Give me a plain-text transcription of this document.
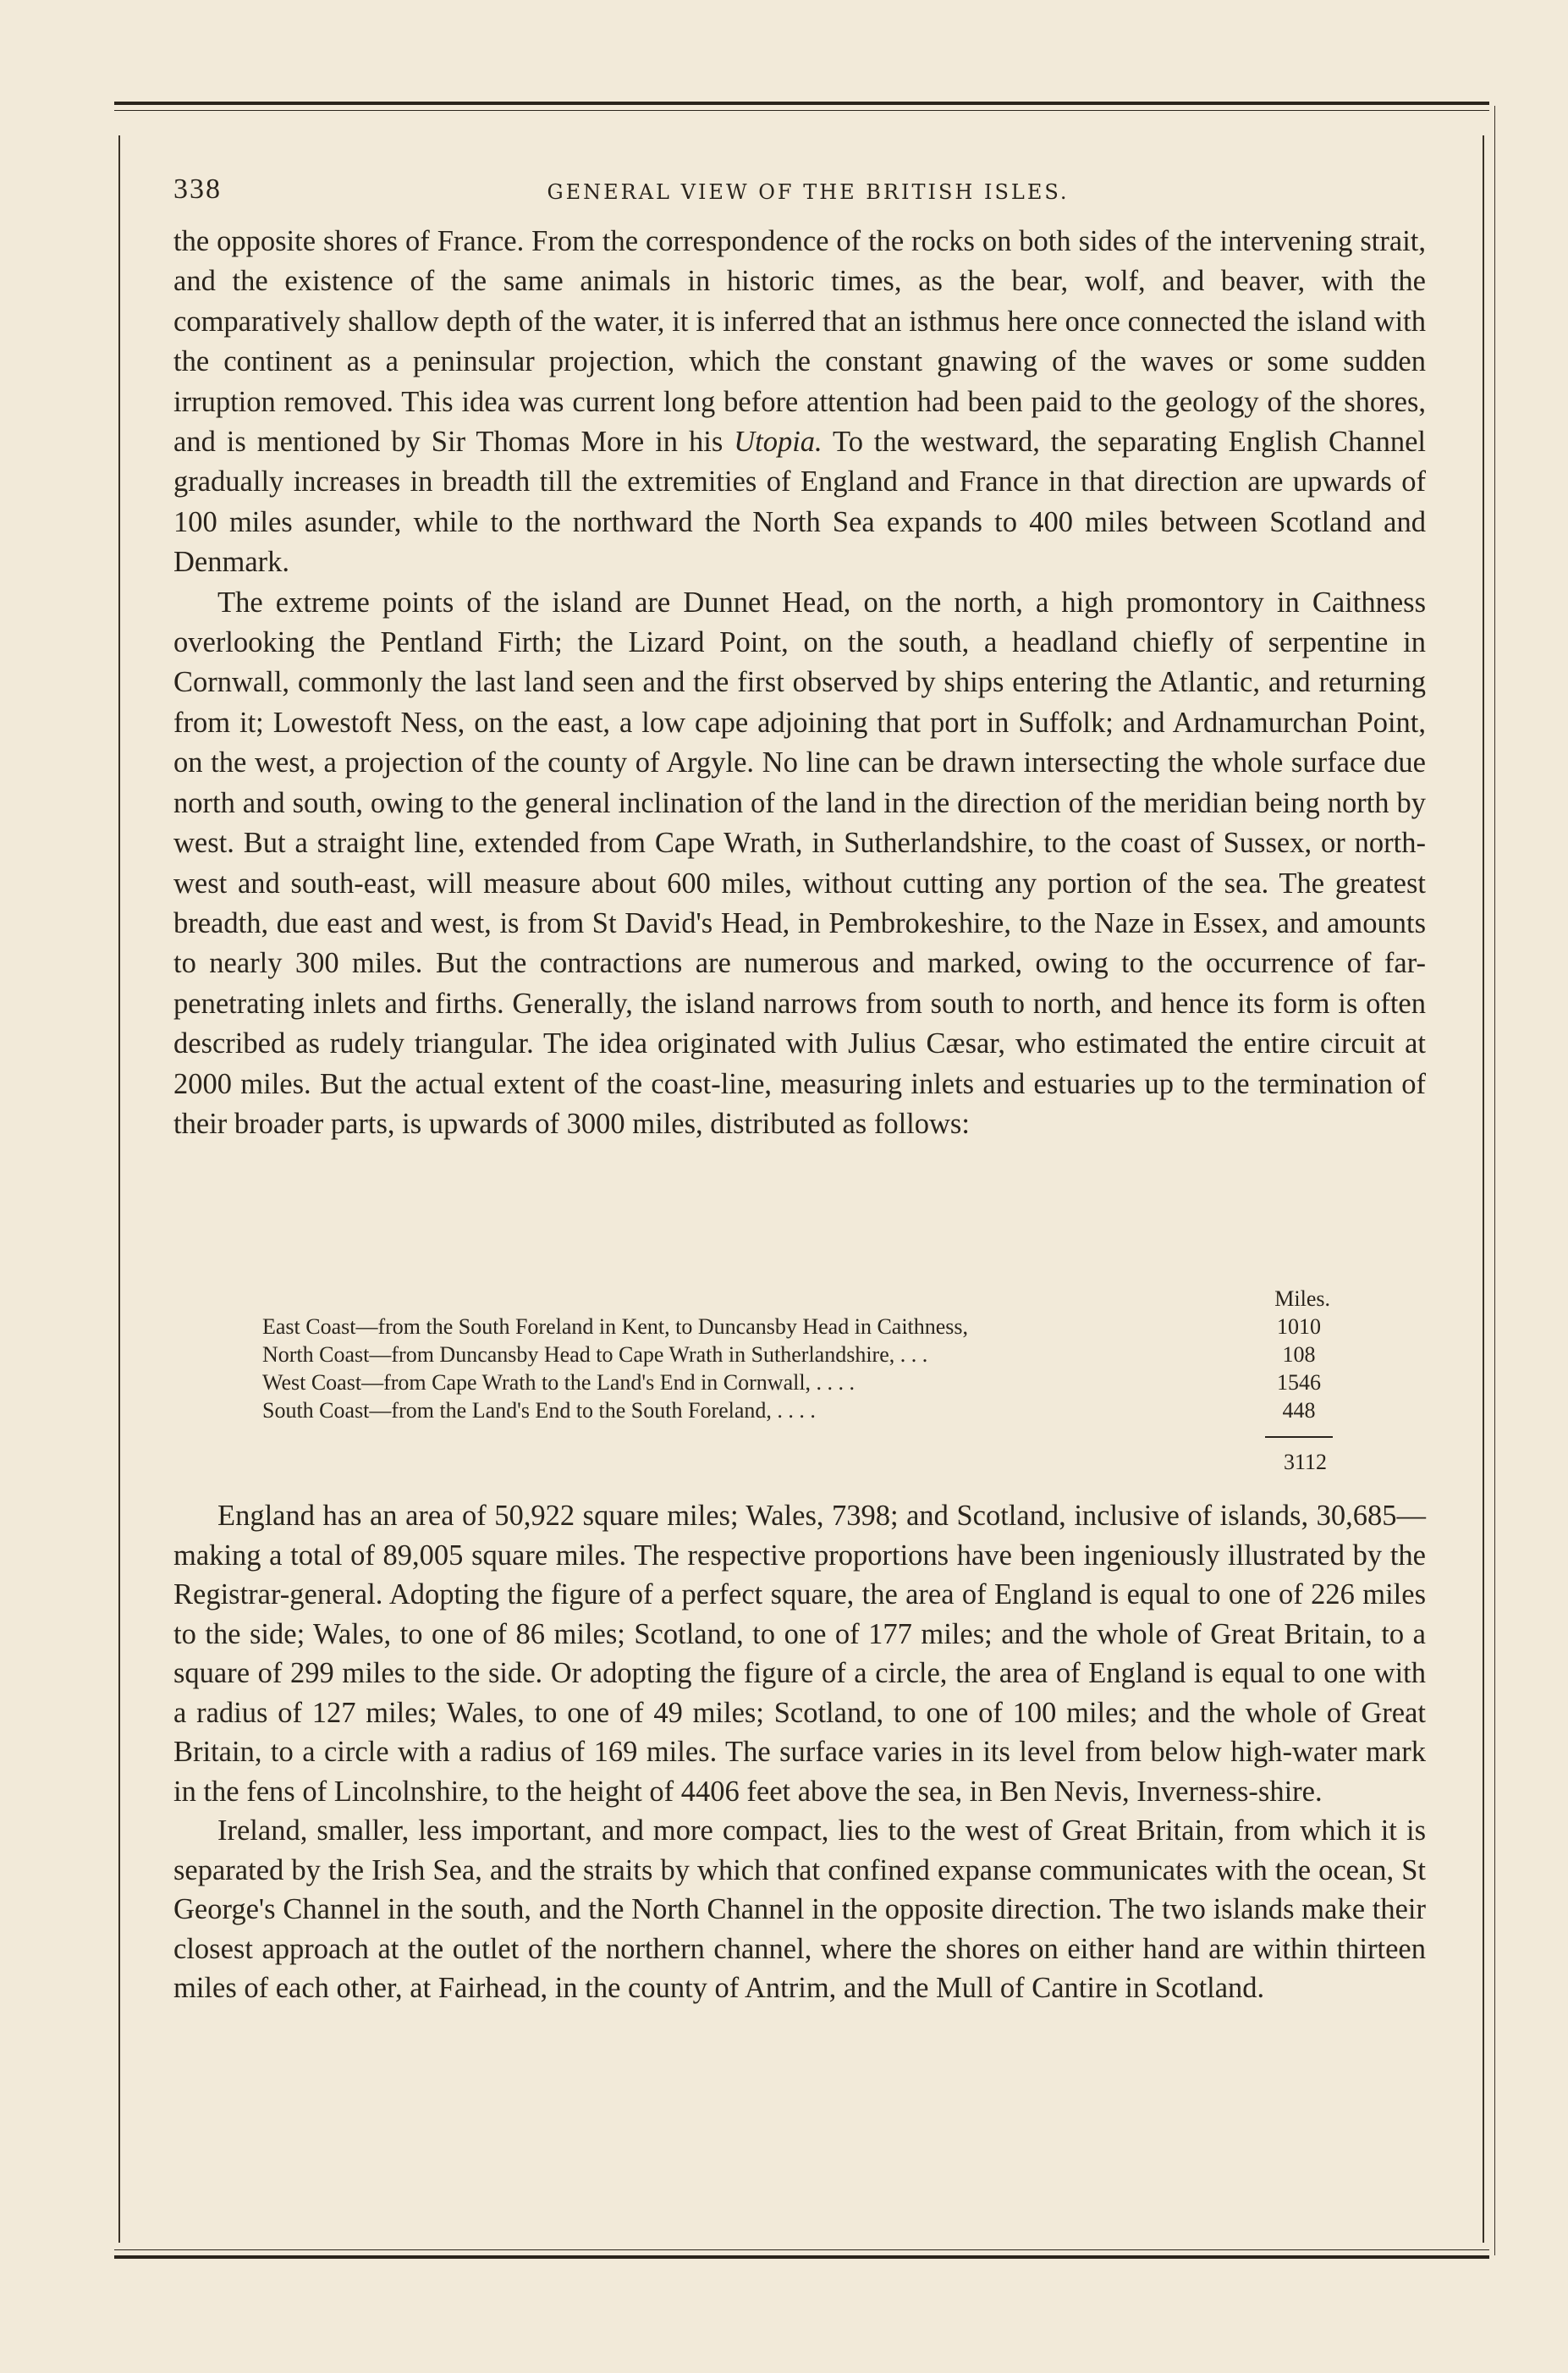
338	GENERAL VIEW OF THE BRITISH ISLES.

the opposite shores of France. From the correspondence of the rocks on both sides of the intervening strait, and the existence of the same animals in historic times, as the bear, wolf, and beaver, with the comparatively shallow depth of the water, it is inferred that an isthmus here once connected the island with the continent as a peninsular projection, which the constant gnawing of the waves or some sudden irruption removed. This idea was current long before attention had been paid to the geology of the shores, and is mentioned by Sir Thomas More in his Utopia. To the westward, the separating English Channel gradually increases in breadth till the extremities of England and France in that direction are upwards of 100 miles asunder, while to the northward the North Sea expands to 400 miles between Scotland and Denmark.

The extreme points of the island are Dunnet Head, on the north, a high promontory in Caithness overlooking the Pentland Firth; the Lizard Point, on the south, a headland chiefly of serpentine in Cornwall, commonly the last land seen and the first observed by ships entering the Atlantic, and returning from it; Lowestoft Ness, on the east, a low cape adjoining that port in Suffolk; and Ardnamurchan Point, on the west, a projection of the county of Argyle. No line can be drawn intersecting the whole surface due north and south, owing to the general inclination of the land in the direction of the meridian being north by west. But a straight line, extended from Cape Wrath, in Sutherlandshire, to the coast of Sussex, or north-west and south-east, will measure about 600 miles, without cutting any portion of the sea. The greatest breadth, due east and west, is from St David's Head, in Pembrokeshire, to the Naze in Essex, and amounts to nearly 300 miles. But the contractions are numerous and marked, owing to the occurrence of far-penetrating inlets and firths. Generally, the island narrows from south to north, and hence its form is often described as rudely triangular. The idea originated with Julius Cæsar, who estimated the entire circuit at 2000 miles. But the actual extent of the coast-line, measuring inlets and estuaries up to the termination of their broader parts, is upwards of 3000 miles, distributed as follows:

Miles.
East Coast—from the South Foreland in Kent, to Duncansby Head in Caithness,	1010
North Coast—from Duncansby Head to Cape Wrath in Sutherlandshire, . . .	108
West Coast—from Cape Wrath to the Land's End in Cornwall, . . . .	1546
South Coast—from the Land's End to the South Foreland, . . . .	448
3112

England has an area of 50,922 square miles; Wales, 7398; and Scotland, inclusive of islands, 30,685—making a total of 89,005 square miles. The respective proportions have been ingeniously illustrated by the Registrar-general. Adopting the figure of a perfect square, the area of England is equal to one of 226 miles to the side; Wales, to one of 86 miles; Scotland, to one of 177 miles; and the whole of Great Britain, to a square of 299 miles to the side. Or adopting the figure of a circle, the area of England is equal to one with a radius of 127 miles; Wales, to one of 49 miles; Scotland, to one of 100 miles; and the whole of Great Britain, to a circle with a radius of 169 miles. The surface varies in its level from below high-water mark in the fens of Lincolnshire, to the height of 4406 feet above the sea, in Ben Nevis, Inverness-shire.

Ireland, smaller, less important, and more compact, lies to the west of Great Britain, from which it is separated by the Irish Sea, and the straits by which that confined expanse communicates with the ocean, St George's Channel in the south, and the North Channel in the opposite direction. The two islands make their closest approach at the outlet of the northern channel, where the shores on either hand are within thirteen miles of each other, at Fairhead, in the county of Antrim, and the Mull of Cantire in Scotland.
